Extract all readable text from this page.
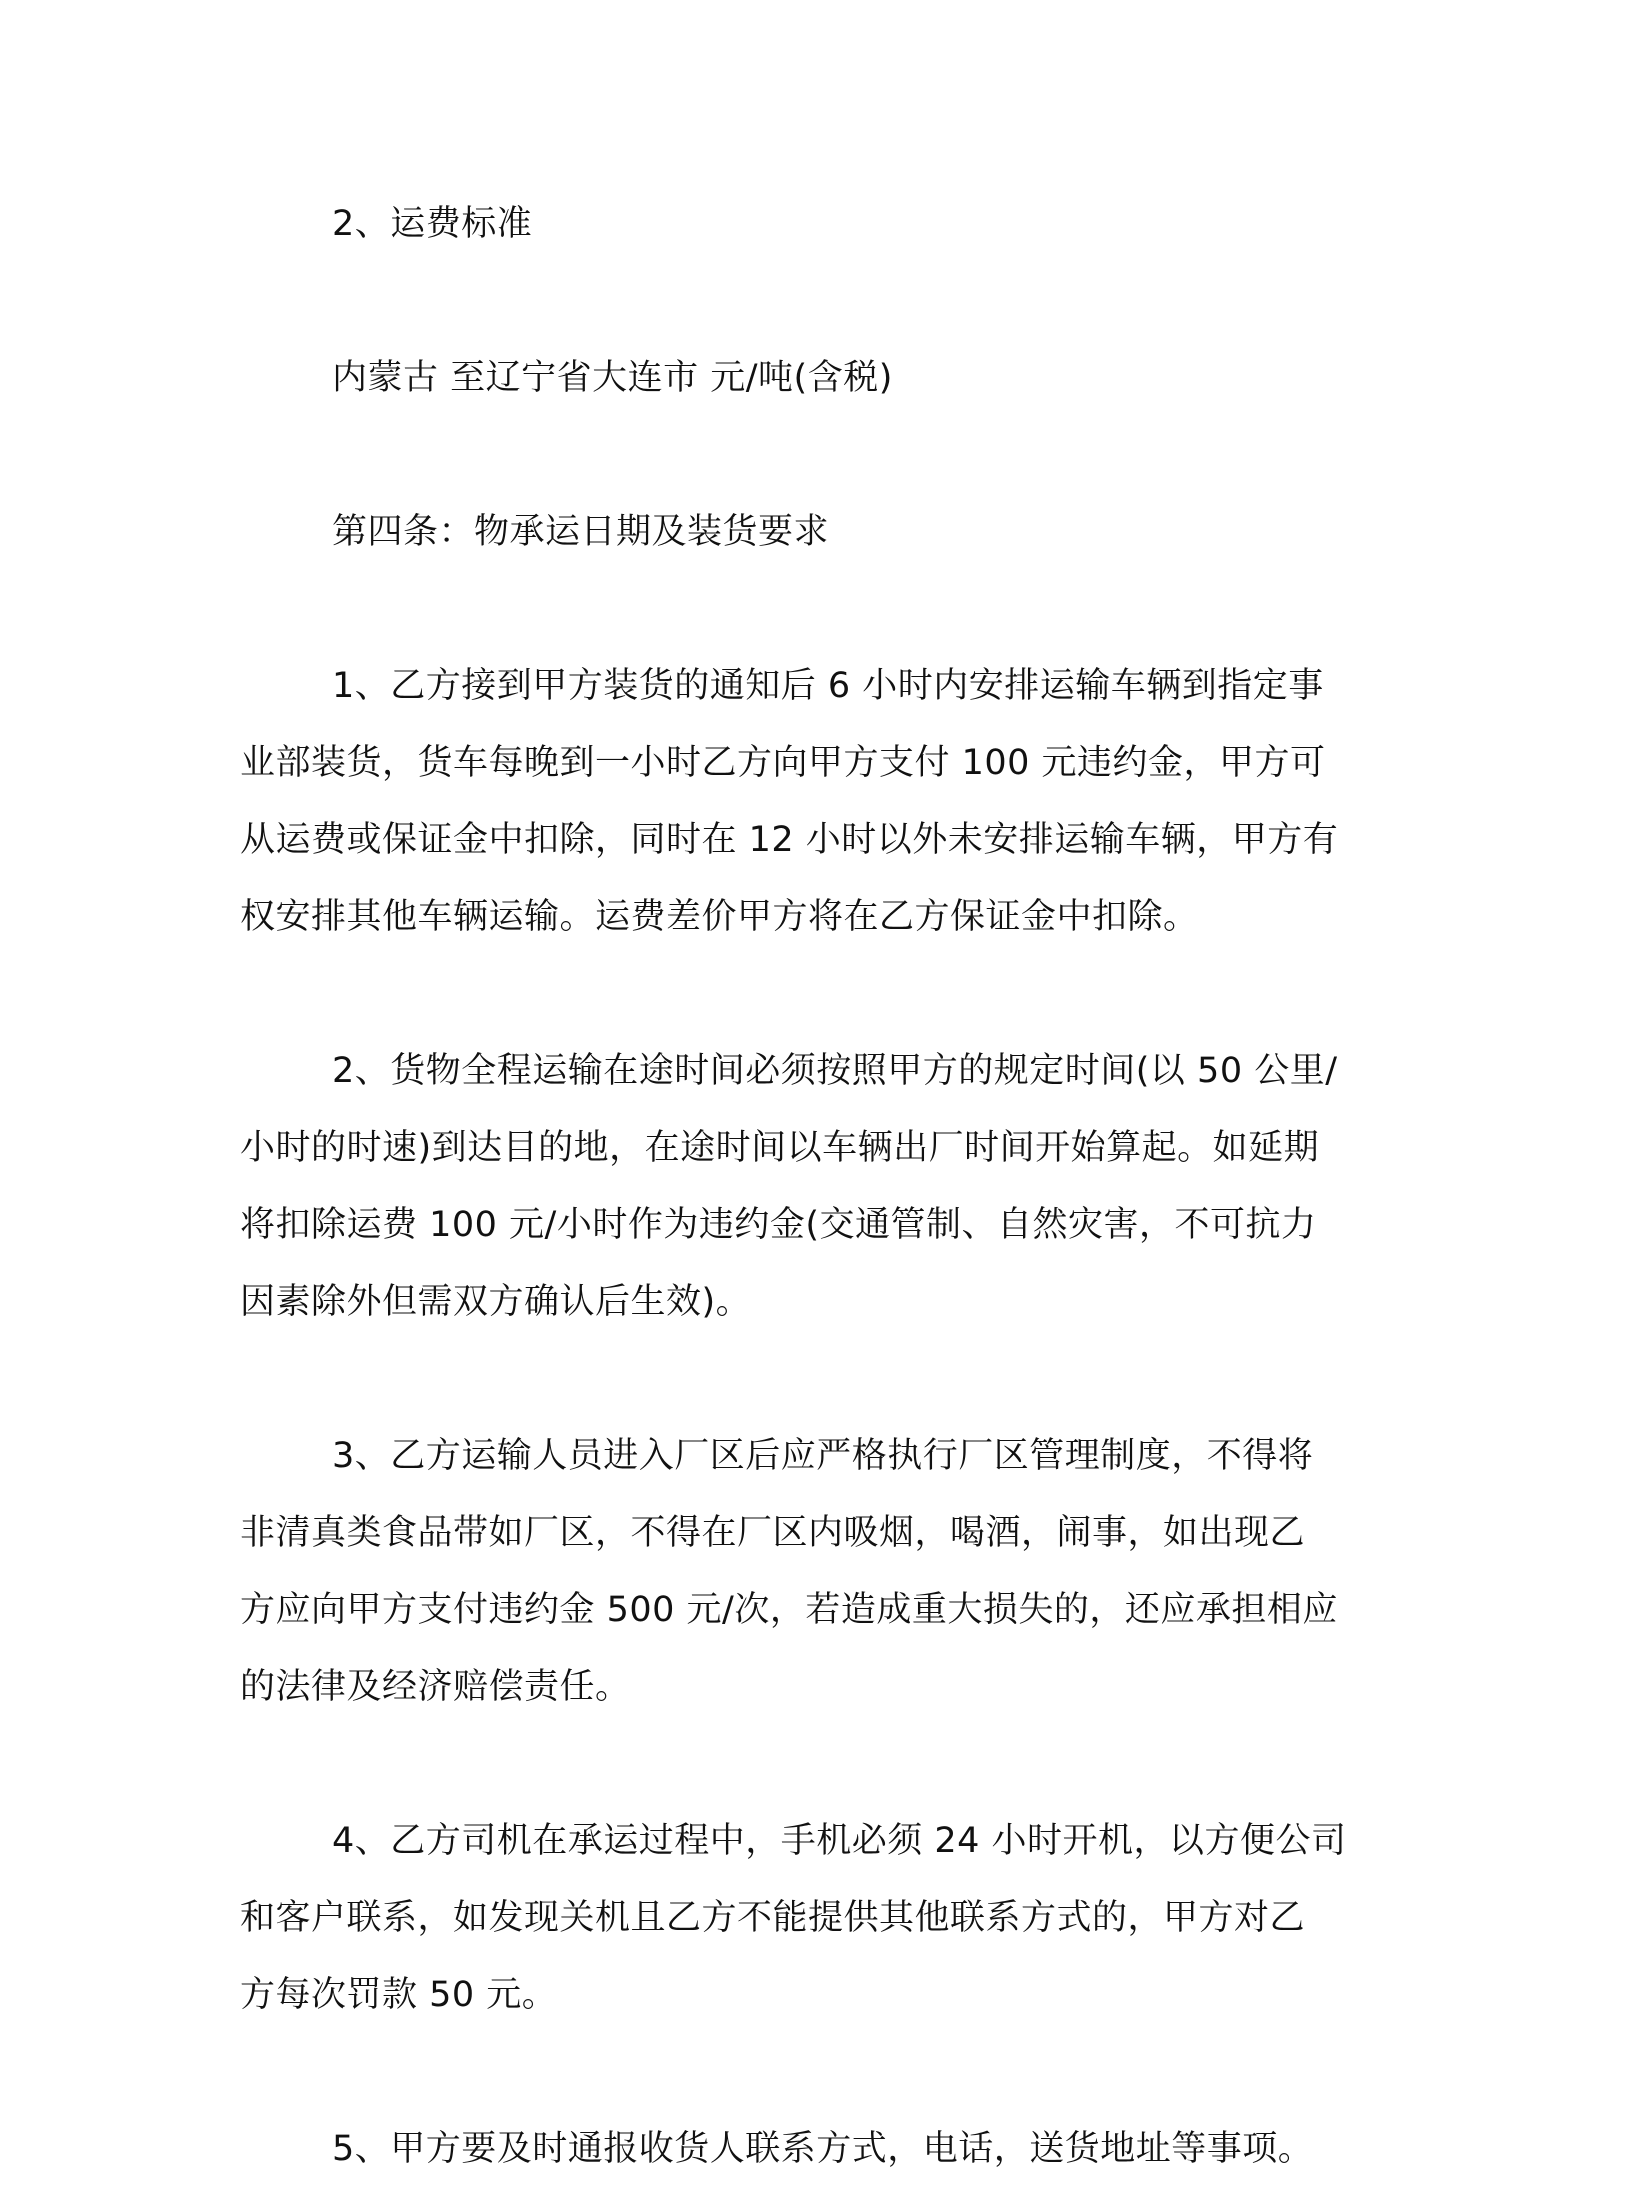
2、运费标准
内蒙古 至辽宁省大连市 元/吨(含税)
第四条：物承运日期及装货要求
1、乙方接到甲方装货的通知后 6 小时内安排运输车辆到指定事
业部装货，货车每晚到一小时乙方向甲方支付 100 元违约金，甲方可
从运费或保证金中扣除，同时在 12 小时以外未安排运输车辆，甲方有
权安排其他车辆运输。运费差价甲方将在乙方保证金中扣除。
2、货物全程运输在途时间必须按照甲方的规定时间(以 50 公里/
小时的时速)到达目的地，在途时间以车辆出厂时间开始算起。如延期
将扣除运费 100 元/小时作为违约金(交通管制、自然灾害，不可抗力
因素除外但需双方确认后生效)。
3、乙方运输人员进入厂区后应严格执行厂区管理制度，不得将
非清真类食品带如厂区，不得在厂区内吸烟，喝酒，闹事，如出现乙
方应向甲方支付违约金 500 元/次，若造成重大损失的，还应承担相应
的法律及经济赔偿责任。
4、乙方司机在承运过程中，手机必须 24 小时开机，以方便公司
和客户联系，如发现关机且乙方不能提供其他联系方式的，甲方对乙
方每次罚款 50 元。
5、甲方要及时通报收货人联系方式，电话，送货地址等事项。
